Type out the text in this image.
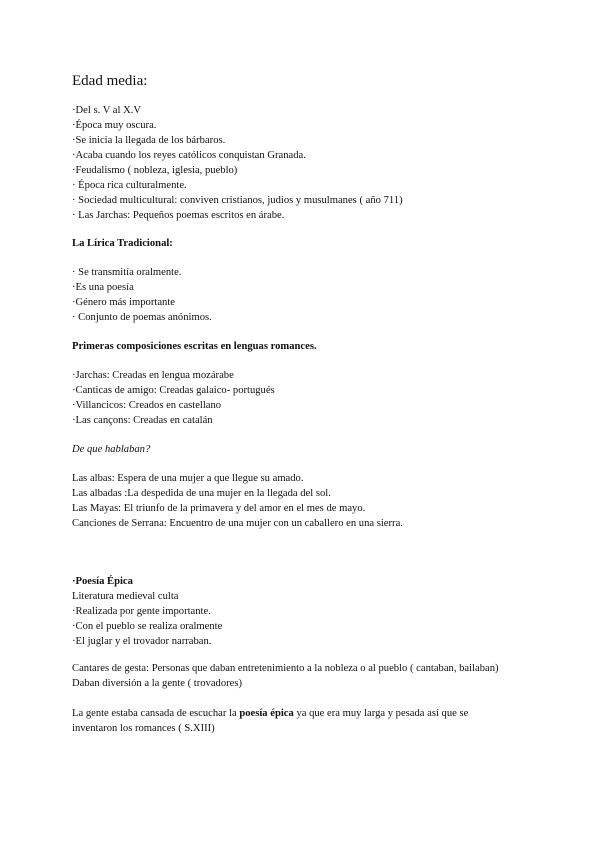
Edad media:
·Del s. V al X.V
·Época muy oscura.
·Se inicia la llegada de los bárbaros.
·Acaba cuando los reyes católicos conquistan Granada.
·Feudalismo ( nobleza, iglesia, pueblo)
· Época rica culturalmente.
· Sociedad multicultural: conviven cristianos, judios y musulmanes ( año 711)
· Las Jarchas: Pequeños poemas escritos en árabe.
La Lírica Tradicional:
· Se transmitía oralmente.
·Es una poesía
·Género más importante
· Conjunto de poemas anónimos.
Primeras composiciones escritas en lenguas romances.
·Jarchas: Creadas en lengua mozárabe
·Canticas de amigo: Creadas galaico- portugués
·Villancicos: Creados en castellano
·Las cançons: Creadas en catalán
De que hablaban?
Las albas: Espera de una mujer a que llegue su amado.
Las albadas :La despedida de una mujer en la llegada del sol.
Las Mayas: El triunfo de la primavera y del amor en el mes de mayo.
Canciones de Serrana: Encuentro de una mujer con un caballero en una sierra.
·Poesía Épica
Literatura medieval culta
·Realizada por gente importante.
·Con el pueblo se realiza oralmente
·El juglar y el trovador narraban.
Cantares de gesta: Personas que daban entretenimiento a la nobleza o al pueblo ( cantaban, bailaban)
Daban diversión a la gente ( trovadores)
La gente estaba cansada de escuchar la poesía épica ya que era muy larga y pesada así que se inventaron los romances ( S.XIII)
